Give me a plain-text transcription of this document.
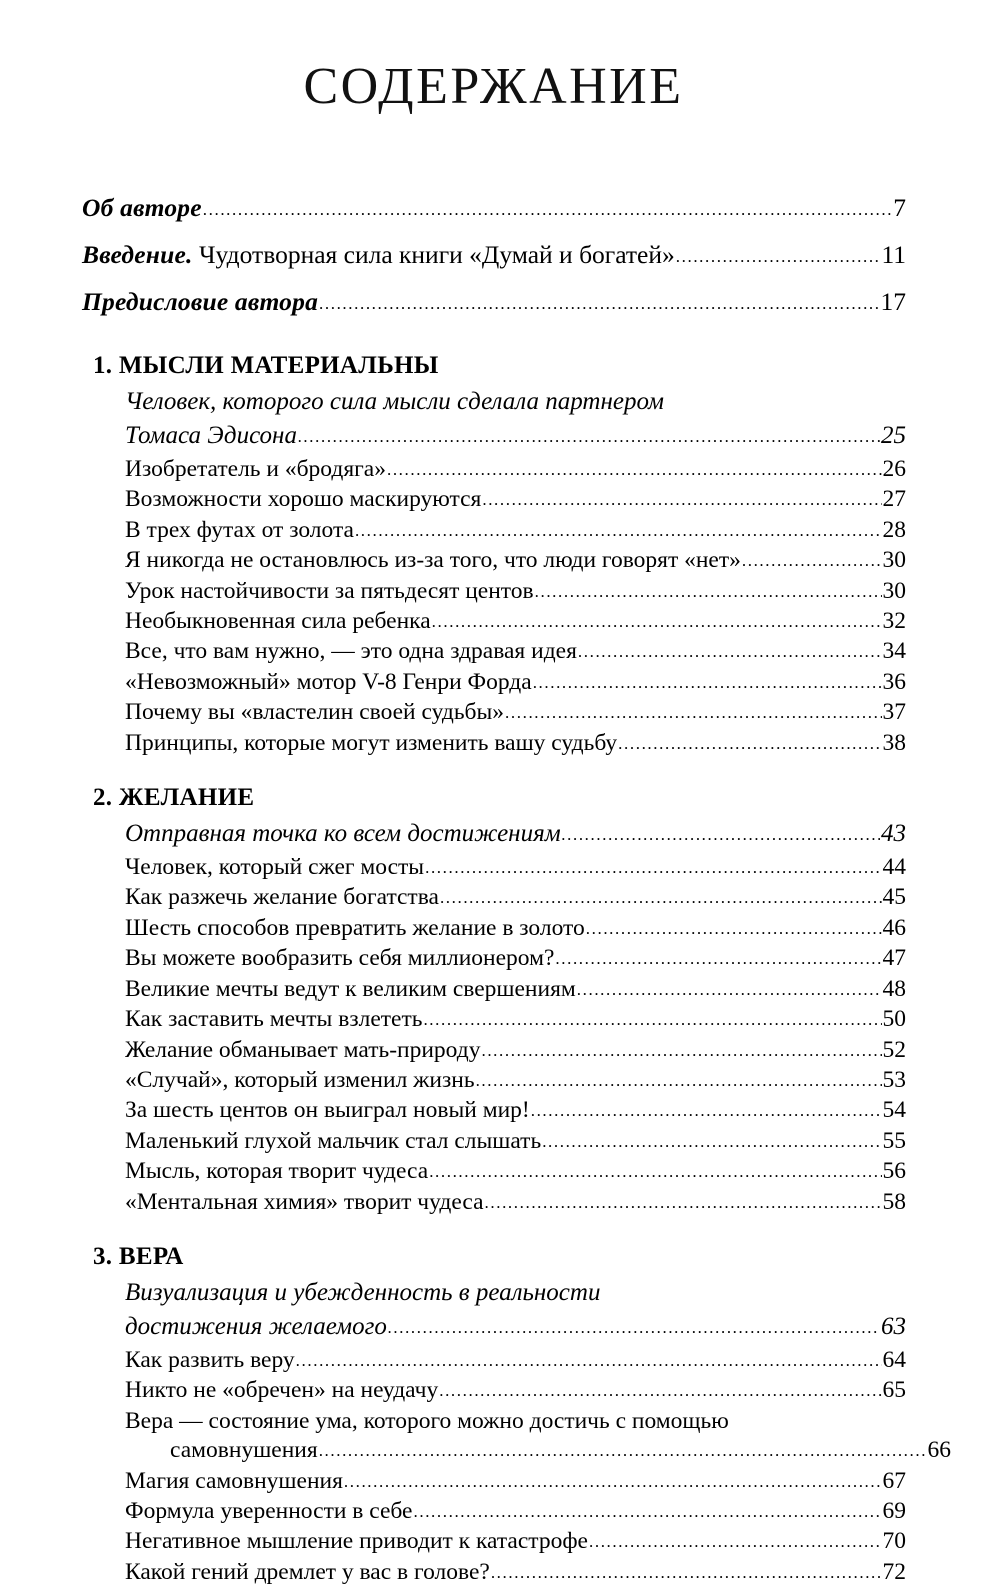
СОДЕРЖАНИЕ
Об авторе .....	7
Введение. Чудотворная сила книги «Думай и богатей» .....	11
Предисловие автора .....	17
1. МЫСЛИ МАТЕРИАЛЬНЫ
Человек, которого сила мысли сделала партнером
Томаса Эдисона .....	25
Изобретатель и «бродяга» .....	26
Возможности хорошо маскируются .....	27
В трех футах от золота .....	28
Я никогда не остановлюсь из-за того, что люди говорят «нет» .....	30
Урок настойчивости за пятьдесят центов .....	30
Необыкновенная сила ребенка .....	32
Все, что вам нужно, — это одна здравая идея .....	34
«Невозможный» мотор V-8 Генри Форда .....	36
Почему вы «властелин своей судьбы» .....	37
Принципы, которые могут изменить вашу судьбу .....	38
2. ЖЕЛАНИЕ
Отправная точка ко всем достижениям .....	43
Человек, который сжег мосты .....	44
Как разжечь желание богатства .....	45
Шесть способов превратить желание в золото .....	46
Вы можете вообразить себя миллионером? .....	47
Великие мечты ведут к великим свершениям .....	48
Как заставить мечты взлететь .....	50
Желание обманывает мать-природу .....	52
«Случай», который изменил жизнь .....	53
За шесть центов он выиграл новый мир! .....	54
Маленький глухой мальчик стал слышать .....	55
Мысль, которая творит чудеса .....	56
«Ментальная химия» творит чудеса .....	58
3. ВЕРА
Визуализация и убежденность в реальности
достижения желаемого .....	63
Как развить веру .....	64
Никто не «обречен» на неудачу .....	65
Вера — состояние ума, которого можно достичь с помощью
самовнушения .....	66
Магия самовнушения .....	67
Формула уверенности в себе .....	69
Негативное мышление приводит к катастрофе .....	70
Какой гений дремлет у вас в голове? .....	72
